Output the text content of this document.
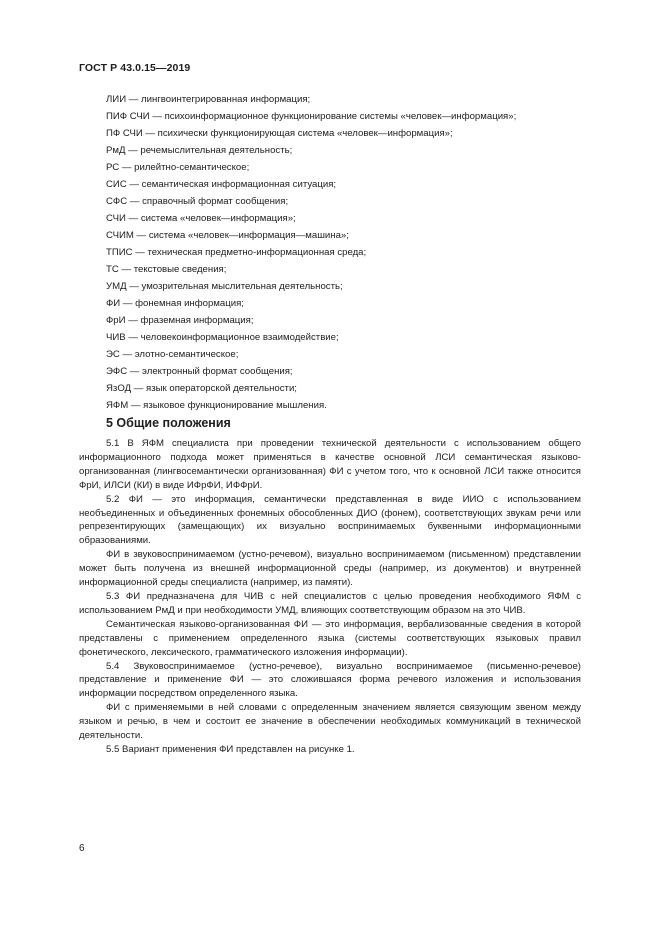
ГОСТ Р 43.0.15—2019
ЛИИ — лингвоинтегрированная информация;
ПИФ СЧИ — психоинформационное функционирование системы «человек—информация»;
ПФ СЧИ — психически функционирующая система «человек—информация»;
РмД — речемыслительная деятельность;
РС — рилейтно-семантическое;
СИС — семантическая информационная ситуация;
СФС — справочный формат сообщения;
СЧИ — система «человек—информация»;
СЧИМ — система «человек—информация—машина»;
ТПИС — техническая предметно-информационная среда;
ТС — текстовые сведения;
УМД — умозрительная мыслительная деятельность;
ФИ — фонемная информация;
ФрИ — фраземная информация;
ЧИВ — человекоинформационное взаимодействие;
ЭС — элотно-семантическое;
ЭФС — электронный формат сообщения;
ЯзОД — язык операторской деятельности;
ЯФМ — языковое функционирование мышления.
5 Общие положения

5.1 В ЯФМ специалиста при проведении технической деятельности с использованием общего информационного подхода может применяться в качестве основной ЛСИ семантическая языково-организованная (лингвосемантически организованная) ФИ с учетом того, что к основной ЛСИ также относится ФрИ, ИЛСИ (КИ) в виде ИФрФИ, ИФФрИ.

5.2 ФИ — это информация, семантически представленная в виде ИИО с использованием необъединенных и объединенных фонемных обособленных ДИО (фонем), соответствующих звукам речи или репрезентирующих (замещающих) их визуально воспринимаемых буквенными информационными образованиями.

ФИ в звуковоспринимаемом (устно-речевом), визуально воспринимаемом (письменном) представлении может быть получена из внешней информационной среды (например, из документов) и внутренней информационной среды специалиста (например, из памяти).

5.3 ФИ предназначена для ЧИВ с ней специалистов с целью проведения необходимого ЯФМ с использованием РмД и при необходимости УМД, влияющих соответствующим образом на это ЧИВ.

Семантическая языково-организованная ФИ — это информация, вербализованные сведения в которой представлены с применением определенного языка (системы соответствующих языковых правил фонетического, лексического, грамматического изложения информации).

5.4 Звуковоспринимаемое (устно-речевое), визуально воспринимаемое (письменно-речевое) представление и применение ФИ — это сложившаяся форма речевого изложения и использования информации посредством определенного языка.

ФИ с применяемыми в ней словами с определенным значением является связующим звеном между языком и речью, в чем и состоит ее значение в обеспечении необходимых коммуникаций в технической деятельности.

5.5 Вариант применения ФИ представлен на рисунке 1.

6
